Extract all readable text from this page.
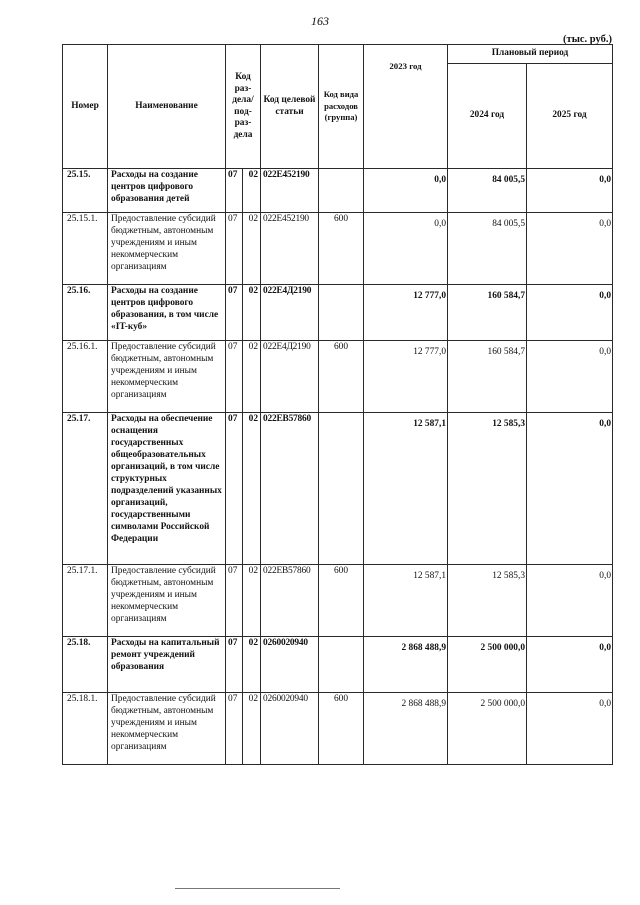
163
(тыс. руб.)
Номер	Наименование	Код раз-дела/ под-раз-дела		Код целевой статьи	Код вида расходов (группа)	2023 год	Плановый период	
							2024 год	2025 год
25.15.	Расходы на создание центров цифрового образования детей	07	02	022E452190		0,0	84 005,5	0,0
25.15.1.	Предоставление субсидий бюджетным, автономным учреждениям и иным некоммерческим организациям	07	02	022E452190	600	0,0	84 005,5	0,0
25.16.	Расходы на создание центров цифрового образования, в том числе «IT-куб»	07	02	022E4Д2190		12 777,0	160 584,7	0,0
25.16.1.	Предоставление субсидий бюджетным, автономным учреждениям и иным некоммерческим организациям	07	02	022E4Д2190	600	12 777,0	160 584,7	0,0
25.17.	Расходы на обеспечение оснащения государственных общеобразовательных организаций, в том числе структурных подразделений указанных организаций, государственными символами Российской Федерации	07	02	022EB57860		12 587,1	12 585,3	0,0
25.17.1.	Предоставление субсидий бюджетным, автономным учреждениям и иным некоммерческим организациям	07	02	022EB57860	600	12 587,1	12 585,3	0,0
25.18.	Расходы на капитальный ремонт учреждений образования	07	02	0260020940		2 868 488,9	2 500 000,0	0,0
25.18.1.	Предоставление субсидий бюджетным, автономным учреждениям и иным некоммерческим организациям	07	02	0260020940	600	2 868 488,9	2 500 000,0	0,0
